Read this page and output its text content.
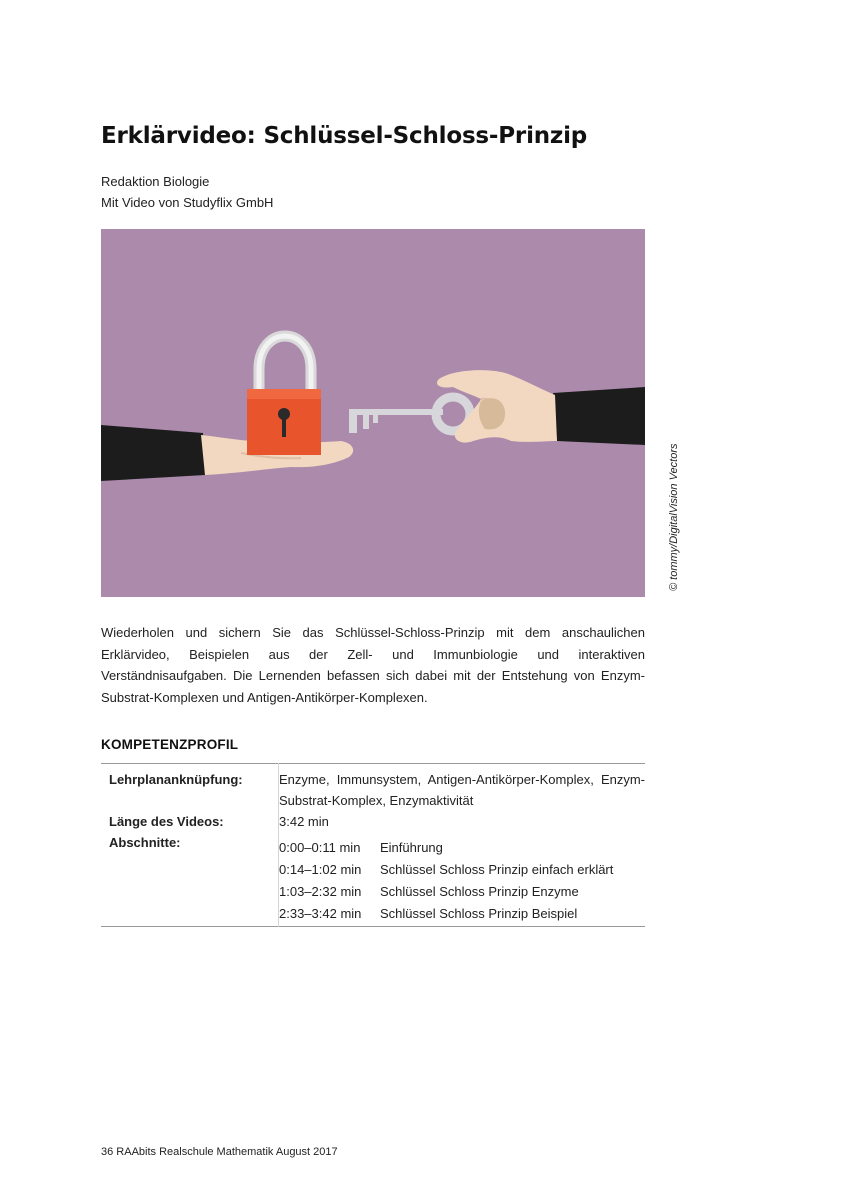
Erklärvideo: Schlüssel-Schloss-Prinzip
Redaktion Biologie
Mit Video von Studyflix GmbH
© tommy/DigitalVision Vectors

Wiederholen und sichern Sie das Schlüssel-Schloss-Prinzip mit dem anschaulichen Erklärvideo, Beispielen aus der Zell- und Immunbiologie und interaktiven Verständnisaufgaben. Die Lernenden befassen sich dabei mit der Entstehung von Enzym-Substrat-Komplexen und Antigen-Antikörper-Komplexen.

KOMPETENZPROFIL
Lehrplananknüpfung:	Enzyme, Immunsystem, Antigen-Antikörper-Komplex, Enzym-Substrat-Komplex, Enzymaktivität

Länge des Videos:	3:42 min
Abschnitte:		0:00–0:11 min	Einführung
0:14–1:02 min	Schlüssel Schloss Prinzip einfach erklärt
1:03–2:32 min	Schlüssel Schloss Prinzip Enzyme
2:33–3:42 min	Schlüssel Schloss Prinzip Beispiel
36 RAAbits Realschule Mathematik August 2017
